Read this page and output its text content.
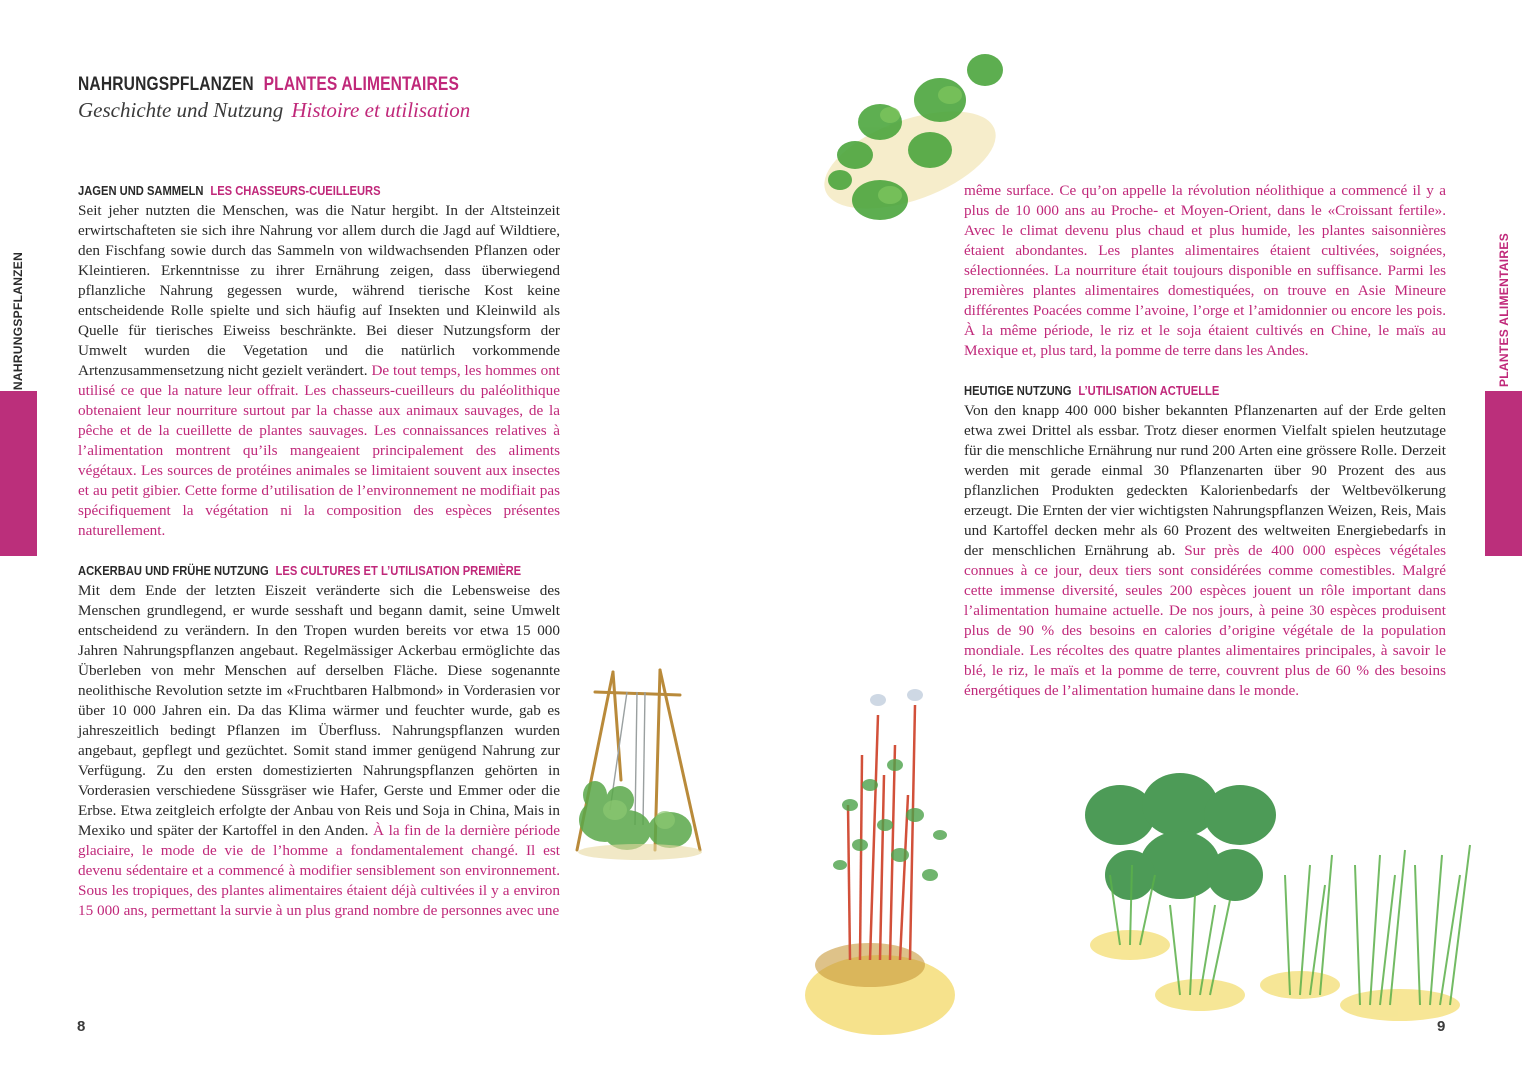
NAHRUNGSPFLANZEN PLANTES ALIMENTAIRES
Geschichte und Nutzung Histoire et utilisation
NAHRUNGSPFLANZEN
JAGEN UND SAMMELN LES CHASSEURS-CUEILLEURS

Seit jeher nutzten die Menschen, was die Natur hergibt. In der Altsteinzeit erwirtschafteten sie sich ihre Nahrung vor allem durch die Jagd auf Wildtiere, den Fischfang sowie durch das Sammeln von wildwachsenden Pflanzen oder Kleintieren. Erkenntnisse zu ihrer Ernährung zeigen, dass überwiegend pflanzliche Nahrung gegessen wurde, während tierische Kost keine entscheidende Rolle spielte und sich häufig auf Insekten und Kleinwild als Quelle für tierisches Eiweiss beschränkte. Bei dieser Nutzungsform der Umwelt wurden die Vegetation und die natürlich vorkommende Artenzusammensetzung nicht gezielt verändert. De tout temps, les hommes ont utilisé ce que la nature leur offrait. Les chasseurs-cueilleurs du paléolithique obtenaient leur nourriture surtout par la chasse aux animaux sauvages, de la pêche et de la cueillette de plantes sauvages. Les connaissances relatives à l’alimentation montrent qu’ils mangeaient principalement des aliments végétaux. Les sources de protéines animales se limitaient souvent aux insectes et au petit gibier. Cette forme d’utilisation de l’environnement ne modifiait pas spécifiquement la végétation ni la composition des espèces présentes naturellement.

ACKERBAU UND FRÜHE NUTZUNG LES CULTURES ET L’UTILISATION PREMIÈRE

Mit dem Ende der letzten Eiszeit veränderte sich die Lebensweise des Menschen grundlegend, er wurde sesshaft und begann damit, seine Umwelt entscheidend zu verändern. In den Tropen wurden bereits vor etwa 15 000 Jahren Nahrungspflanzen angebaut. Regelmässiger Ackerbau ermöglichte das Überleben von mehr Menschen auf derselben Fläche. Diese sogenannte neolithische Revolution setzte im «Fruchtbaren Halbmond» in Vorderasien vor über 10 000 Jahren ein. Da das Klima wärmer und feuchter wurde, gab es jahreszeitlich bedingt Pflanzen im Überfluss. Nahrungspflanzen wurden angebaut, gepflegt und gezüchtet. Somit stand immer genügend Nahrung zur Verfügung. Zu den ersten domestizierten Nahrungspflanzen gehörten in Vorderasien verschiedene Süssgräser wie Hafer, Gerste und Emmer oder die Erbse. Etwa zeitgleich erfolgte der Anbau von Reis und Soja in China, Mais in Mexiko und später der Kartoffel in den Anden. À la fin de la dernière période glaciaire, le mode de vie de l’homme a fondamentalement changé. Il est devenu sédentaire et a commencé à modifier sensiblement son environnement. Sous les tropiques, des plantes alimentaires étaient déjà cultivées il y a environ 15 000 ans, permettant la survie à un plus grand nombre de personnes avec une

8

même surface. Ce qu’on appelle la révolution néolithique a commencé il y a plus de 10 000 ans au Proche- et Moyen-Orient, dans le «Croissant fertile». Avec le climat devenu plus chaud et plus humide, les plantes saisonnières étaient abondantes. Les plantes alimentaires étaient cultivées, soignées, sélectionnées. La nourriture était toujours disponible en suffisance. Parmi les premières plantes alimentaires domestiquées, on trouve en Asie Mineure différentes Poacées comme l’avoine, l’orge et l’amidonnier ou encore les pois. À la même période, le riz et le soja étaient cultivés en Chine, le maïs au Mexique et, plus tard, la pomme de terre dans les Andes.

HEUTIGE NUTZUNG L’UTILISATION ACTUELLE

Von den knapp 400 000 bisher bekannten Pflanzenarten auf der Erde gelten etwa zwei Drittel als essbar. Trotz dieser enormen Vielfalt spielen heutzutage für die menschliche Ernährung nur rund 200 Arten eine grössere Rolle. Derzeit werden mit gerade einmal 30 Pflanzenarten über 90 Prozent des aus pflanzlichen Produkten gedeckten Kalorienbedarfs der Weltbevölkerung erzeugt. Die Ernten der vier wichtigsten Nahrungspflanzen Weizen, Reis, Mais und Kartoffel decken mehr als 60 Prozent des weltweiten Energiebedarfs in der menschlichen Ernährung ab. Sur près de 400 000 espèces végétales connues à ce jour, deux tiers sont considérées comme comestibles. Malgré cette immense diversité, seules 200 espèces jouent un rôle important dans l’alimentation humaine actuelle. De nos jours, à peine 30 espèces produisent plus de 90 % des besoins en calories d’origine végétale de la population mondiale. Les récoltes des quatre plantes alimentaires principales, à savoir le blé, le riz, le maïs et la pomme de terre, couvrent plus de 60 % des besoins énergétiques de l’alimentation humaine dans le monde.

PLANTES ALIMENTAIRES
9
